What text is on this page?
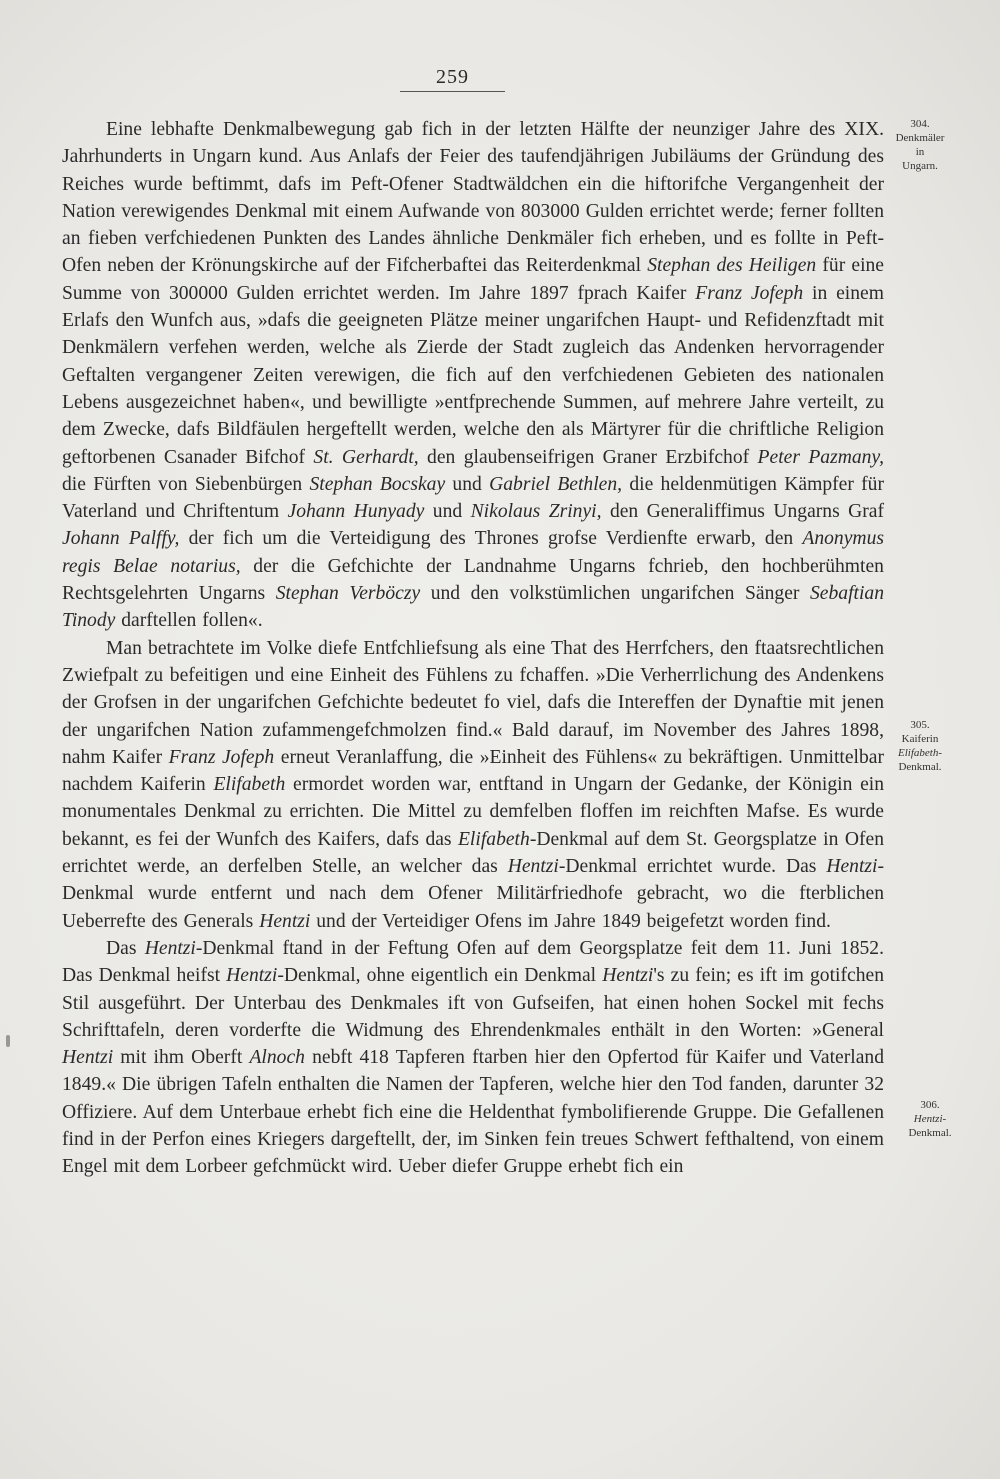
259
304.
Denkmäler
in
Ungarn.
305.
Kaiferin
Elifabeth-
Denkmal.
306.
Hentzi-
Denkmal.

Eine lebhafte Denkmalbewegung gab fich in der letzten Hälfte der neunziger Jahre des XIX. Jahrhunderts in Ungarn kund. Aus Anlafs der Feier des taufendjährigen Jubiläums der Gründung des Reiches wurde beftimmt, dafs im Peft-Ofener Stadtwäldchen ein die hiftorifche Vergangenheit der Nation verewigendes Denkmal mit einem Aufwande von 803000 Gulden errichtet werde; ferner follten an fieben verfchiedenen Punkten des Landes ähnliche Denkmäler fich erheben, und es follte in Peft-Ofen neben der Krönungskirche auf der Fifcherbaftei das Reiterdenkmal Stephan des Heiligen für eine Summe von 300000 Gulden errichtet werden. Im Jahre 1897 fprach Kaifer Franz Jofeph in einem Erlafs den Wunfch aus, »dafs die geeigneten Plätze meiner ungarifchen Haupt- und Refidenzftadt mit Denkmälern verfehen werden, welche als Zierde der Stadt zugleich das Andenken hervorragender Geftalten vergangener Zeiten verewigen, die fich auf den verfchiedenen Gebieten des nationalen Lebens ausgezeichnet haben«, und bewilligte »entfprechende Summen, auf mehrere Jahre verteilt, zu dem Zwecke, dafs Bildfäulen hergeftellt werden, welche den als Märtyrer für die chriftliche Religion geftorbenen Csanader Bifchof St. Gerhardt, den glaubenseifrigen Graner Erzbifchof Peter Pazmany, die Fürften von Siebenbürgen Stephan Bocskay und Gabriel Bethlen, die heldenmütigen Kämpfer für Vaterland und Chriftentum Johann Hunyady und Nikolaus Zrinyi, den Generaliffimus Ungarns Graf Johann Palffy, der fich um die Verteidigung des Thrones grofse Verdienfte erwarb, den Anonymus regis Belae notarius, der die Gefchichte der Landnahme Ungarns fchrieb, den hochberühmten Rechtsgelehrten Ungarns Stephan Verböczy und den volkstümlichen ungarifchen Sänger Sebaftian Tinody darftellen follen«.

Man betrachtete im Volke diefe Entfchliefsung als eine That des Herrfchers, den ftaatsrechtlichen Zwiefpalt zu befeitigen und eine Einheit des Fühlens zu fchaffen. »Die Verherrlichung des Andenkens der Grofsen in der ungarifchen Gefchichte bedeutet fo viel, dafs die Intereffen der Dynaftie mit jenen der ungarifchen Nation zufammengefchmolzen find.« Bald darauf, im November des Jahres 1898, nahm Kaifer Franz Jofeph erneut Veranlaffung, die »Einheit des Fühlens« zu bekräftigen. Unmittelbar nachdem Kaiferin Elifabeth ermordet worden war, entftand in Ungarn der Gedanke, der Königin ein monumentales Denkmal zu errichten. Die Mittel zu demfelben floffen im reichften Mafse. Es wurde bekannt, es fei der Wunfch des Kaifers, dafs das Elifabeth-Denkmal auf dem St. Georgsplatze in Ofen errichtet werde, an derfelben Stelle, an welcher das Hentzi-Denkmal errichtet wurde. Das Hentzi-Denkmal wurde entfernt und nach dem Ofener Militärfriedhofe gebracht, wo die fterblichen Ueberrefte des Generals Hentzi und der Verteidiger Ofens im Jahre 1849 beigefetzt worden find.

Das Hentzi-Denkmal ftand in der Feftung Ofen auf dem Georgsplatze feit dem 11. Juni 1852. Das Denkmal heifst Hentzi-Denkmal, ohne eigentlich ein Denkmal Hentzi's zu fein; es ift im gotifchen Stil ausgeführt. Der Unterbau des Denkmales ift von Gufseifen, hat einen hohen Sockel mit fechs Schrifttafeln, deren vorderfte die Widmung des Ehrendenkmales enthält in den Worten: »General Hentzi mit ihm Oberft Alnoch nebft 418 Tapferen ftarben hier den Opfertod für Kaifer und Vaterland 1849.« Die übrigen Tafeln enthalten die Namen der Tapferen, welche hier den Tod fanden, darunter 32 Offiziere. Auf dem Unterbaue erhebt fich eine die Heldenthat fymbolifierende Gruppe. Die Gefallenen find in der Perfon eines Kriegers dargeftellt, der, im Sinken fein treues Schwert fefthaltend, von einem Engel mit dem Lorbeer gefchmückt wird. Ueber diefer Gruppe erhebt fich ein
